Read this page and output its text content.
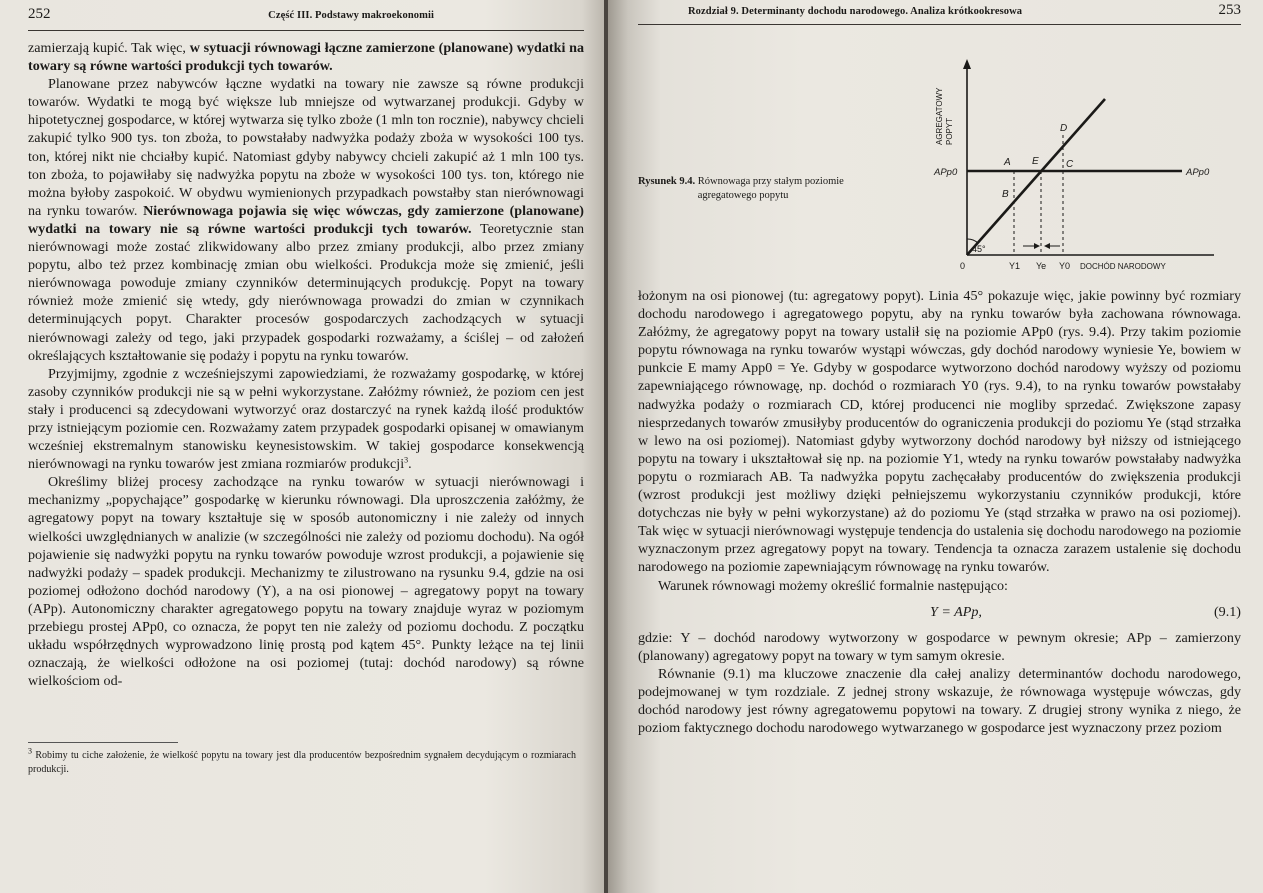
252	Część III. Podstawy makroekonomii

zamierzają kupić. Tak więc, w sytuacji równowagi łączne zamierzone (planowane) wydatki na towary są równe wartości produkcji tych towarów.

Planowane przez nabywców łączne wydatki na towary nie zawsze są równe produkcji towarów. Wydatki te mogą być większe lub mniejsze od wytwarzanej produkcji. Gdyby w hipotetycznej gospodarce, w której wytwarza się tylko zboże (1 mln ton rocznie), nabywcy chcieli zakupić tylko 900 tys. ton zboża, to powstałaby nadwyżka podaży zboża w wysokości 100 tys. ton, której nikt nie chciałby kupić. Natomiast gdyby nabywcy chcieli zakupić aż 1 mln 100 tys. ton zboża, to pojawiłaby się nadwyżka popytu na zboże w wysokości 100 tys. ton, którego nie można byłoby zaspokoić. W obydwu wymienionych przypadkach powstałby stan nierównowagi na rynku towarów. Nierównowaga pojawia się więc wówczas, gdy zamierzone (planowane) wydatki na towary nie są równe wartości produkcji tych towarów. Teoretycznie stan nierównowagi może zostać zlikwidowany albo przez zmiany produkcji, albo przez zmiany popytu, albo też przez kombinację zmian obu wielkości. Produkcja może się zmienić, jeśli nierównowaga powoduje zmiany czynników determinujących produkcję. Popyt na towary również może zmienić się wtedy, gdy nierównowaga prowadzi do zmian w czynnikach determinujących popyt. Charakter procesów gospodarczych zachodzących w sytuacji nierównowagi zależy od tego, jaki przypadek gospodarki rozważamy, a ściślej – od założeń określających kształtowanie się podaży i popytu na rynku towarów.

Przyjmijmy, zgodnie z wcześniejszymi zapowiedziami, że rozważamy gospodarkę, w której zasoby czynników produkcji nie są w pełni wykorzystane. Załóżmy również, że poziom cen jest stały i producenci są zdecydowani wytworzyć oraz dostarczyć na rynek każdą ilość produktów przy istniejącym poziomie cen. Rozważamy zatem przypadek gospodarki opisanej w omawianym wcześniej ekstremalnym stanowisku keynesistowskim. W takiej gospodarce konsekwencją nierównowagi na rynku towarów jest zmiana rozmiarów produkcji$^3$.

Określimy bliżej procesy zachodzące na rynku towarów w sytuacji nierównowagi i mechanizmy „popychające” gospodarkę w kierunku równowagi. Dla uproszczenia załóżmy, że agregatowy popyt na towary kształtuje się w sposób autonomiczny i nie zależy od innych wielkości uwzględnianych w analizie (w szczególności nie zależy od poziomu dochodu). Na ogół pojawienie się nadwyżki popytu na rynku towarów powoduje wzrost produkcji, a pojawienie się nadwyżki podaży – spadek produkcji. Mechanizmy te zilustrowano na rysunku 9.4, gdzie na osi poziomej odłożono dochód narodowy (Y), a na osi pionowej – agregatowy popyt na towary (APp). Autonomiczny charakter agregatowego popytu na towary znajduje wyraz w poziomym przebiegu prostej APp0, co oznacza, że popyt ten nie zależy od poziomu dochodu. Z początku układu współrzędnych wyprowadzono linię prostą pod kątem 45°. Punkty leżące na tej linii oznaczają, że wielkości odłożone na osi poziomej (tutaj: dochód narodowy) są równe wielkościom od-

$^3$ Robimy tu ciche założenie, że wielkość popytu na towary jest dla producentów bezpośrednim sygnałem decydującym o rozmiarach produkcji.
Rozdział 9. Determinanty dochodu narodowego. Analiza krótkookresowa	253
Rysunek 9.4. Równowaga przy stałym poziomie agregatowego popytu
AGREGATOWY POPYT
APp0	APp0
45°
A
B
E	C
D
0	Y1 Ye Y0 DOCHÓD NARODOWY

łożonym na osi pionowej (tu: agregatowy popyt). Linia 45° pokazuje więc, jakie powinny być rozmiary dochodu narodowego i agregatowego popytu, aby na rynku towarów była zachowana równowaga. Załóżmy, że agregatowy popyt na towary ustalił się na poziomie APp0 (rys. 9.4). Przy takim poziomie popytu równowaga na rynku towarów wystąpi wówczas, gdy dochód narodowy wyniesie Ye, bowiem w punkcie E mamy App0 = Ye. Gdyby w gospodarce wytworzono dochód narodowy wyższy od poziomu zapewniającego równowagę, np. dochód o rozmiarach Y0 (rys. 9.4), to na rynku towarów powstałaby nadwyżka podaży o rozmiarach CD, której producenci nie mogliby sprzedać. Zwiększone zapasy niesprzedanych towarów zmusiłyby producentów do ograniczenia produkcji do poziomu Ye (stąd strzałka w lewo na osi poziomej). Natomiast gdyby wytworzony dochód narodowy był niższy od istniejącego popytu na towary i ukształtował się np. na poziomie Y1, wtedy na rynku towarów powstałaby nadwyżka popytu o rozmiarach AB. Ta nadwyżka popytu zachęcałaby producentów do zwiększenia produkcji (wzrost produkcji jest możliwy dzięki pełniejszemu wykorzystaniu czynników produkcji, które dotychczas nie były w pełni wykorzystane) aż do poziomu Ye (stąd strzałka w prawo na osi poziomej). Tak więc w sytuacji nierównowagi występuje tendencja do ustalenia się dochodu narodowego na poziomie wyznaczonym przez agregatowy popyt na towary. Tendencja ta oznacza zarazem ustalenie się dochodu narodowego na poziomie zapewniającym równowagę na rynku towarów.

Warunek równowagi możemy określić formalnie następująco:

Y = APp,	(9.1)

gdzie: Y – dochód narodowy wytworzony w gospodarce w pewnym okresie; APp – zamierzony (planowany) agregatowy popyt na towary w tym samym okresie.

Równanie (9.1) ma kluczowe znaczenie dla całej analizy determinantów dochodu narodowego, podejmowanej w tym rozdziale. Z jednej strony wskazuje, że równowaga występuje wówczas, gdy dochód narodowy jest równy agregatowemu popytowi na towary. Z drugiej strony wynika z niego, że poziom faktycznego dochodu narodowego wytwarzanego w gospodarce jest wyznaczony przez poziom
